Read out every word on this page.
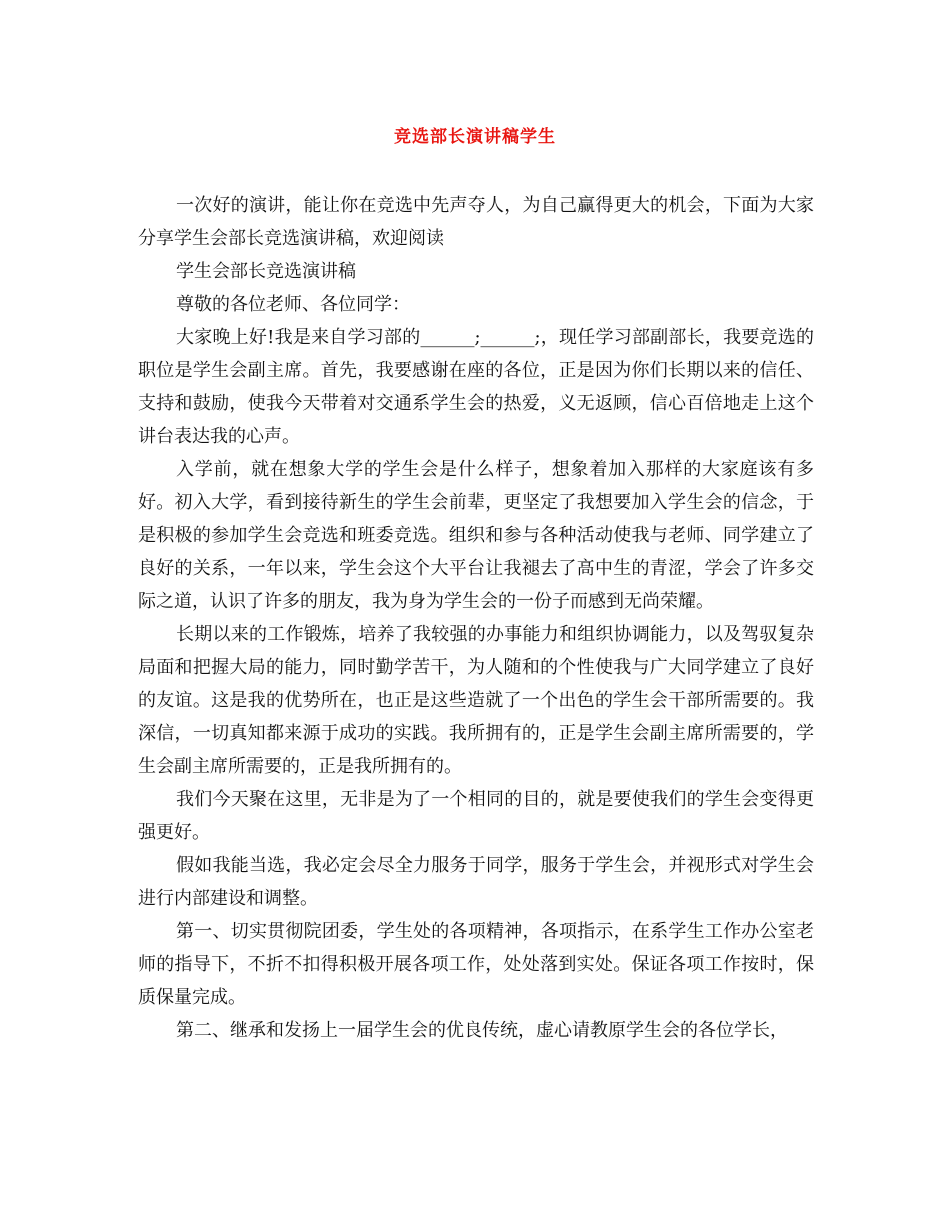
竞选部长演讲稿学生

一次好的演讲，能让你在竞选中先声夺人，为自己赢得更大的机会，下面为大家分享学生会部长竞选演讲稿，欢迎阅读

学生会部长竞选演讲稿

尊敬的各位老师、各位同学：

大家晚上好!我是来自学习部的______;______;，现任学习部副部长，我要竞选的职位是学生会副主席。首先，我要感谢在座的各位，正是因为你们长期以来的信任、支持和鼓励，使我今天带着对交通系学生会的热爱，义无返顾，信心百倍地走上这个讲台表达我的心声。

入学前，就在想象大学的学生会是什么样子，想象着加入那样的大家庭该有多好。初入大学，看到接待新生的学生会前辈，更坚定了我想要加入学生会的信念，于是积极的参加学生会竞选和班委竞选。组织和参与各种活动使我与老师、同学建立了良好的关系，一年以来，学生会这个大平台让我褪去了高中生的青涩，学会了许多交际之道，认识了许多的朋友，我为身为学生会的一份子而感到无尚荣耀。

长期以来的工作锻炼，培养了我较强的办事能力和组织协调能力，以及驾驭复杂局面和把握大局的能力，同时勤学苦干，为人随和的个性使我与广大同学建立了良好的友谊。这是我的优势所在，也正是这些造就了一个出色的学生会干部所需要的。我深信，一切真知都来源于成功的实践。我所拥有的，正是学生会副主席所需要的，学生会副主席所需要的，正是我所拥有的。

我们今天聚在这里，无非是为了一个相同的目的，就是要使我们的学生会变得更强更好。

假如我能当选，我必定会尽全力服务于同学，服务于学生会，并视形式对学生会进行内部建设和调整。

第一、切实贯彻院团委，学生处的各项精神，各项指示，在系学生工作办公室老师的指导下，不折不扣得积极开展各项工作，处处落到实处。保证各项工作按时，保质保量完成。

第二、继承和发扬上一届学生会的优良传统，虚心请教原学生会的各位学长，
